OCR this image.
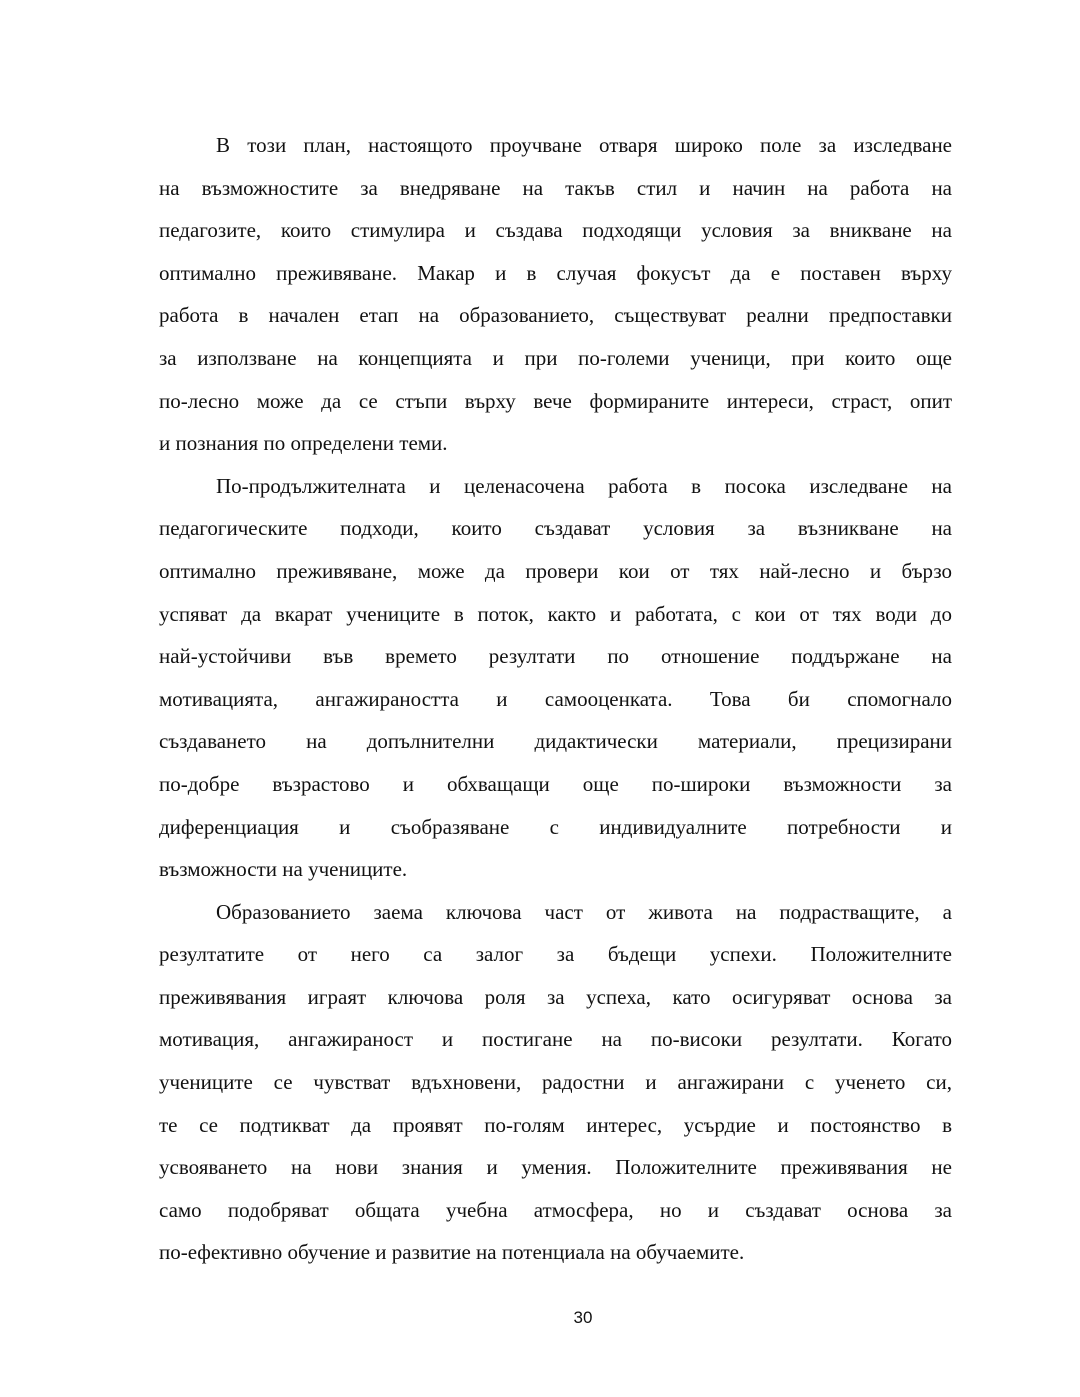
В този план, настоящото проучване отваря широко поле за изследване
на възможностите за внедряване на такъв стил и начин на работа на
педагозите, които стимулира и създава подходящи условия за вникване на
оптимално преживяване. Макар и в случая фокусът да е поставен върху
работа в начален етап на образованието, съществуват реални предпоставки
за използване на концепцията и при по-големи ученици, при които още
по-лесно може да се стъпи върху вече формираните интереси, страст, опит
и познания по определени теми.
По-продължителната и целенасочена работа в посока изследване на
педагогическите подходи, които създават условия за възникване на
оптимално преживяване, може да провери кои от тях най-лесно и бързо
успяват да вкарат учениците в поток, както и работата, с кои от тях води до
най-устойчиви във времето резултати по отношение поддържане на
мотивацията, ангажираността и самооценката. Това би спомогнало
създаването на допълнителни дидактически материали, прецизирани
по-добре възрастово и обхващащи още по-широки възможности за
диференциация и съобразяване с индивидуалните потребности и
възможности на учениците.
Образованието заема ключова част от живота на подрастващите, а
резултатите от него са залог за бъдещи успехи. Положителните
преживявания играят ключова роля за успеха, като осигуряват основа за
мотивация, ангажираност и постигане на по-високи резултати. Когато
учениците се чувстват вдъхновени, радостни и ангажирани с ученето си,
те се подтикват да проявят по-голям интерес, усърдие и постоянство в
усвояването на нови знания и умения. Положителните преживявания не
само подобряват общата учебна атмосфера, но и създават основа за
по-ефективно обучение и развитие на потенциала на обучаемите.
30
